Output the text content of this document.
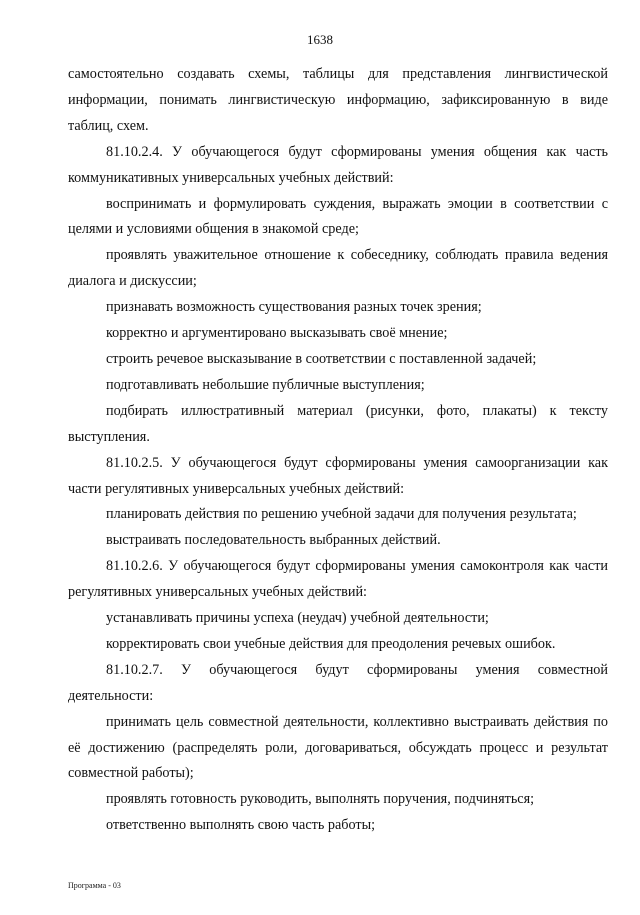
1638

самостоятельно создавать схемы, таблицы для представления лингвистической информации, понимать лингвистическую информацию, зафиксированную в виде таблиц, схем.

81.10.2.4. У обучающегося будут сформированы умения общения как часть коммуникативных универсальных учебных действий:

воспринимать и формулировать суждения, выражать эмоции в соответствии с целями и условиями общения в знакомой среде;

проявлять уважительное отношение к собеседнику, соблюдать правила ведения диалога и дискуссии;

признавать возможность существования разных точек зрения;

корректно и аргументировано высказывать своё мнение;

строить речевое высказывание в соответствии с поставленной задачей;

подготавливать небольшие публичные выступления;

подбирать иллюстративный материал (рисунки, фото, плакаты) к тексту выступления.

81.10.2.5. У обучающегося будут сформированы умения самоорганизации как части регулятивных универсальных учебных действий:

планировать действия по решению учебной задачи для получения результата;

выстраивать последовательность выбранных действий.

81.10.2.6. У обучающегося будут сформированы умения самоконтроля как части регулятивных универсальных учебных действий:

устанавливать причины успеха (неудач) учебной деятельности;

корректировать свои учебные действия для преодоления речевых ошибок.

81.10.2.7. У обучающегося будут сформированы умения совместной деятельности:

принимать цель совместной деятельности, коллективно выстраивать действия по её достижению (распределять роли, договариваться, обсуждать процесс и результат совместной работы);

проявлять готовность руководить, выполнять поручения, подчиняться;

ответственно выполнять свою часть работы;

Программа - 03
